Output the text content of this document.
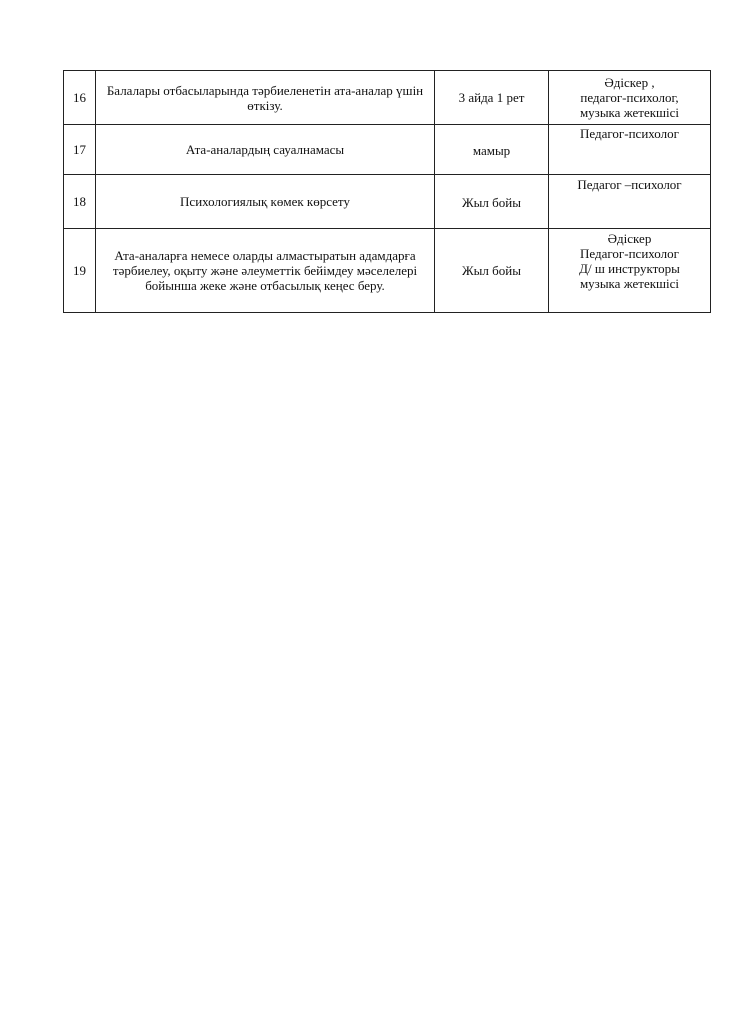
16	Балалары отбасыларында тәрбиеленетін ата-аналар үшін өткізу.	3 айда 1 рет	Әдіскер ,
педагог-психолог,
музыка жетекшісі

17	Ата-аналардың сауалнамасы	мамыр	Педагог-психолог

18	Психологиялық көмек көрсету	Жыл бойы	Педагог –психолог

19	Ата-аналарға немесе оларды алмастыратын адамдарға тәрбиелеу, оқыту және әлеуметтік бейімдеу мәселелері бойынша жеке және отбасылық кеңес беру.	Жыл бойы	Әдіскер
Педагог-психолог
Д/ ш инструкторы
музыка жетекшісі
